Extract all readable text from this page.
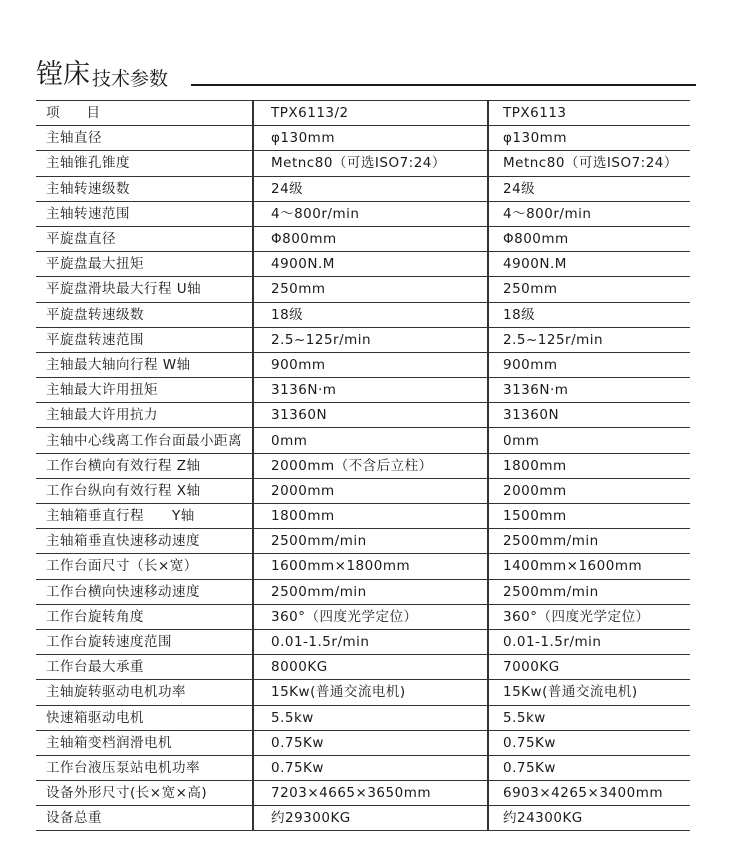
镗床 技术参数
项　　目	TPX6113/2	TPX6113
主轴直径	φ130mm	φ130mm
主轴锥孔锥度	Metnc80（可选ISO7:24）	Metnc80（可选ISO7:24）
主轴转速级数	24级	24级
主轴转速范围	4～800r/min	4～800r/min
平旋盘直径	Φ800mm	Φ800mm
平旋盘最大扭矩	4900N.M	4900N.M
平旋盘滑块最大行程 U轴	250mm	250mm
平旋盘转速级数	18级	18级
平旋盘转速范围	2.5~125r/min	2.5~125r/min
主轴最大轴向行程 W轴	900mm	900mm
主轴最大许用扭矩	3136N·m	3136N·m
主轴最大许用抗力	31360N	31360N
主轴中心线离工作台面最小距离	0mm	0mm
工作台横向有效行程 Z轴	2000mm（不含后立柱）	1800mm
工作台纵向有效行程 X轴	2000mm	2000mm
主轴箱垂直行程　　Y轴	1800mm	1500mm
主轴箱垂直快速移动速度	2500mm/min	2500mm/min
工作台面尺寸（长×宽）	1600mm×1800mm	1400mm×1600mm
工作台横向快速移动速度	2500mm/min	2500mm/min
工作台旋转角度	360°（四度光学定位）	360°（四度光学定位）
工作台旋转速度范围	0.01-1.5r/min	0.01-1.5r/min
工作台最大承重	8000KG	7000KG
主轴旋转驱动电机功率	15Kw(普通交流电机)	15Kw(普通交流电机)
快速箱驱动电机	5.5kw	5.5kw
主轴箱变档润滑电机	0.75Kw	0.75Kw
工作台液压泵站电机功率	0.75Kw	0.75Kw
设备外形尺寸(长×宽×高)	7203×4665×3650mm	6903×4265×3400mm
设备总重	约29300KG	约24300KG
